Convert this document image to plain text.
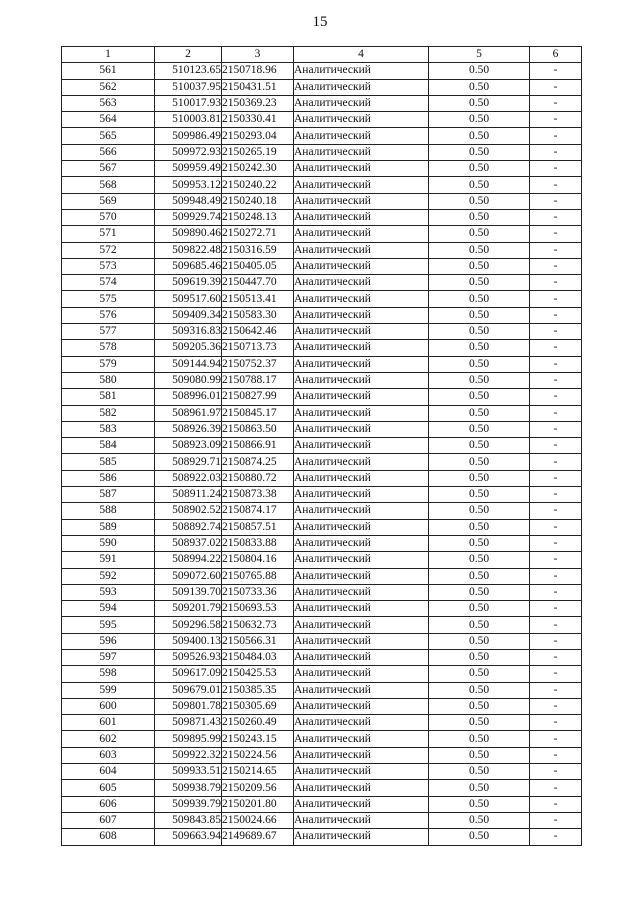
15
1	2	3	4	5	6
561	510123.65	2150718.96	Аналитический	0.50	-
562	510037.95	2150431.51	Аналитический	0.50	-
563	510017.93	2150369.23	Аналитический	0.50	-
564	510003.81	2150330.41	Аналитический	0.50	-
565	509986.49	2150293.04	Аналитический	0.50	-
566	509972.93	2150265.19	Аналитический	0.50	-
567	509959.49	2150242.30	Аналитический	0.50	-
568	509953.12	2150240.22	Аналитический	0.50	-
569	509948.49	2150240.18	Аналитический	0.50	-
570	509929.74	2150248.13	Аналитический	0.50	-
571	509890.46	2150272.71	Аналитический	0.50	-
572	509822.48	2150316.59	Аналитический	0.50	-
573	509685.46	2150405.05	Аналитический	0.50	-
574	509619.39	2150447.70	Аналитический	0.50	-
575	509517.60	2150513.41	Аналитический	0.50	-
576	509409.34	2150583.30	Аналитический	0.50	-
577	509316.83	2150642.46	Аналитический	0.50	-
578	509205.36	2150713.73	Аналитический	0.50	-
579	509144.94	2150752.37	Аналитический	0.50	-
580	509080.99	2150788.17	Аналитический	0.50	-
581	508996.01	2150827.99	Аналитический	0.50	-
582	508961.97	2150845.17	Аналитический	0.50	-
583	508926.39	2150863.50	Аналитический	0.50	-
584	508923.09	2150866.91	Аналитический	0.50	-
585	508929.71	2150874.25	Аналитический	0.50	-
586	508922.03	2150880.72	Аналитический	0.50	-
587	508911.24	2150873.38	Аналитический	0.50	-
588	508902.52	2150874.17	Аналитический	0.50	-
589	508892.74	2150857.51	Аналитический	0.50	-
590	508937.02	2150833.88	Аналитический	0.50	-
591	508994.22	2150804.16	Аналитический	0.50	-
592	509072.60	2150765.88	Аналитический	0.50	-
593	509139.70	2150733.36	Аналитический	0.50	-
594	509201.79	2150693.53	Аналитический	0.50	-
595	509296.58	2150632.73	Аналитический	0.50	-
596	509400.13	2150566.31	Аналитический	0.50	-
597	509526.93	2150484.03	Аналитический	0.50	-
598	509617.09	2150425.53	Аналитический	0.50	-
599	509679.01	2150385.35	Аналитический	0.50	-
600	509801.78	2150305.69	Аналитический	0.50	-
601	509871.43	2150260.49	Аналитический	0.50	-
602	509895.99	2150243.15	Аналитический	0.50	-
603	509922.32	2150224.56	Аналитический	0.50	-
604	509933.51	2150214.65	Аналитический	0.50	-
605	509938.79	2150209.56	Аналитический	0.50	-
606	509939.79	2150201.80	Аналитический	0.50	-
607	509843.85	2150024.66	Аналитический	0.50	-
608	509663.94	2149689.67	Аналитический	0.50	-
